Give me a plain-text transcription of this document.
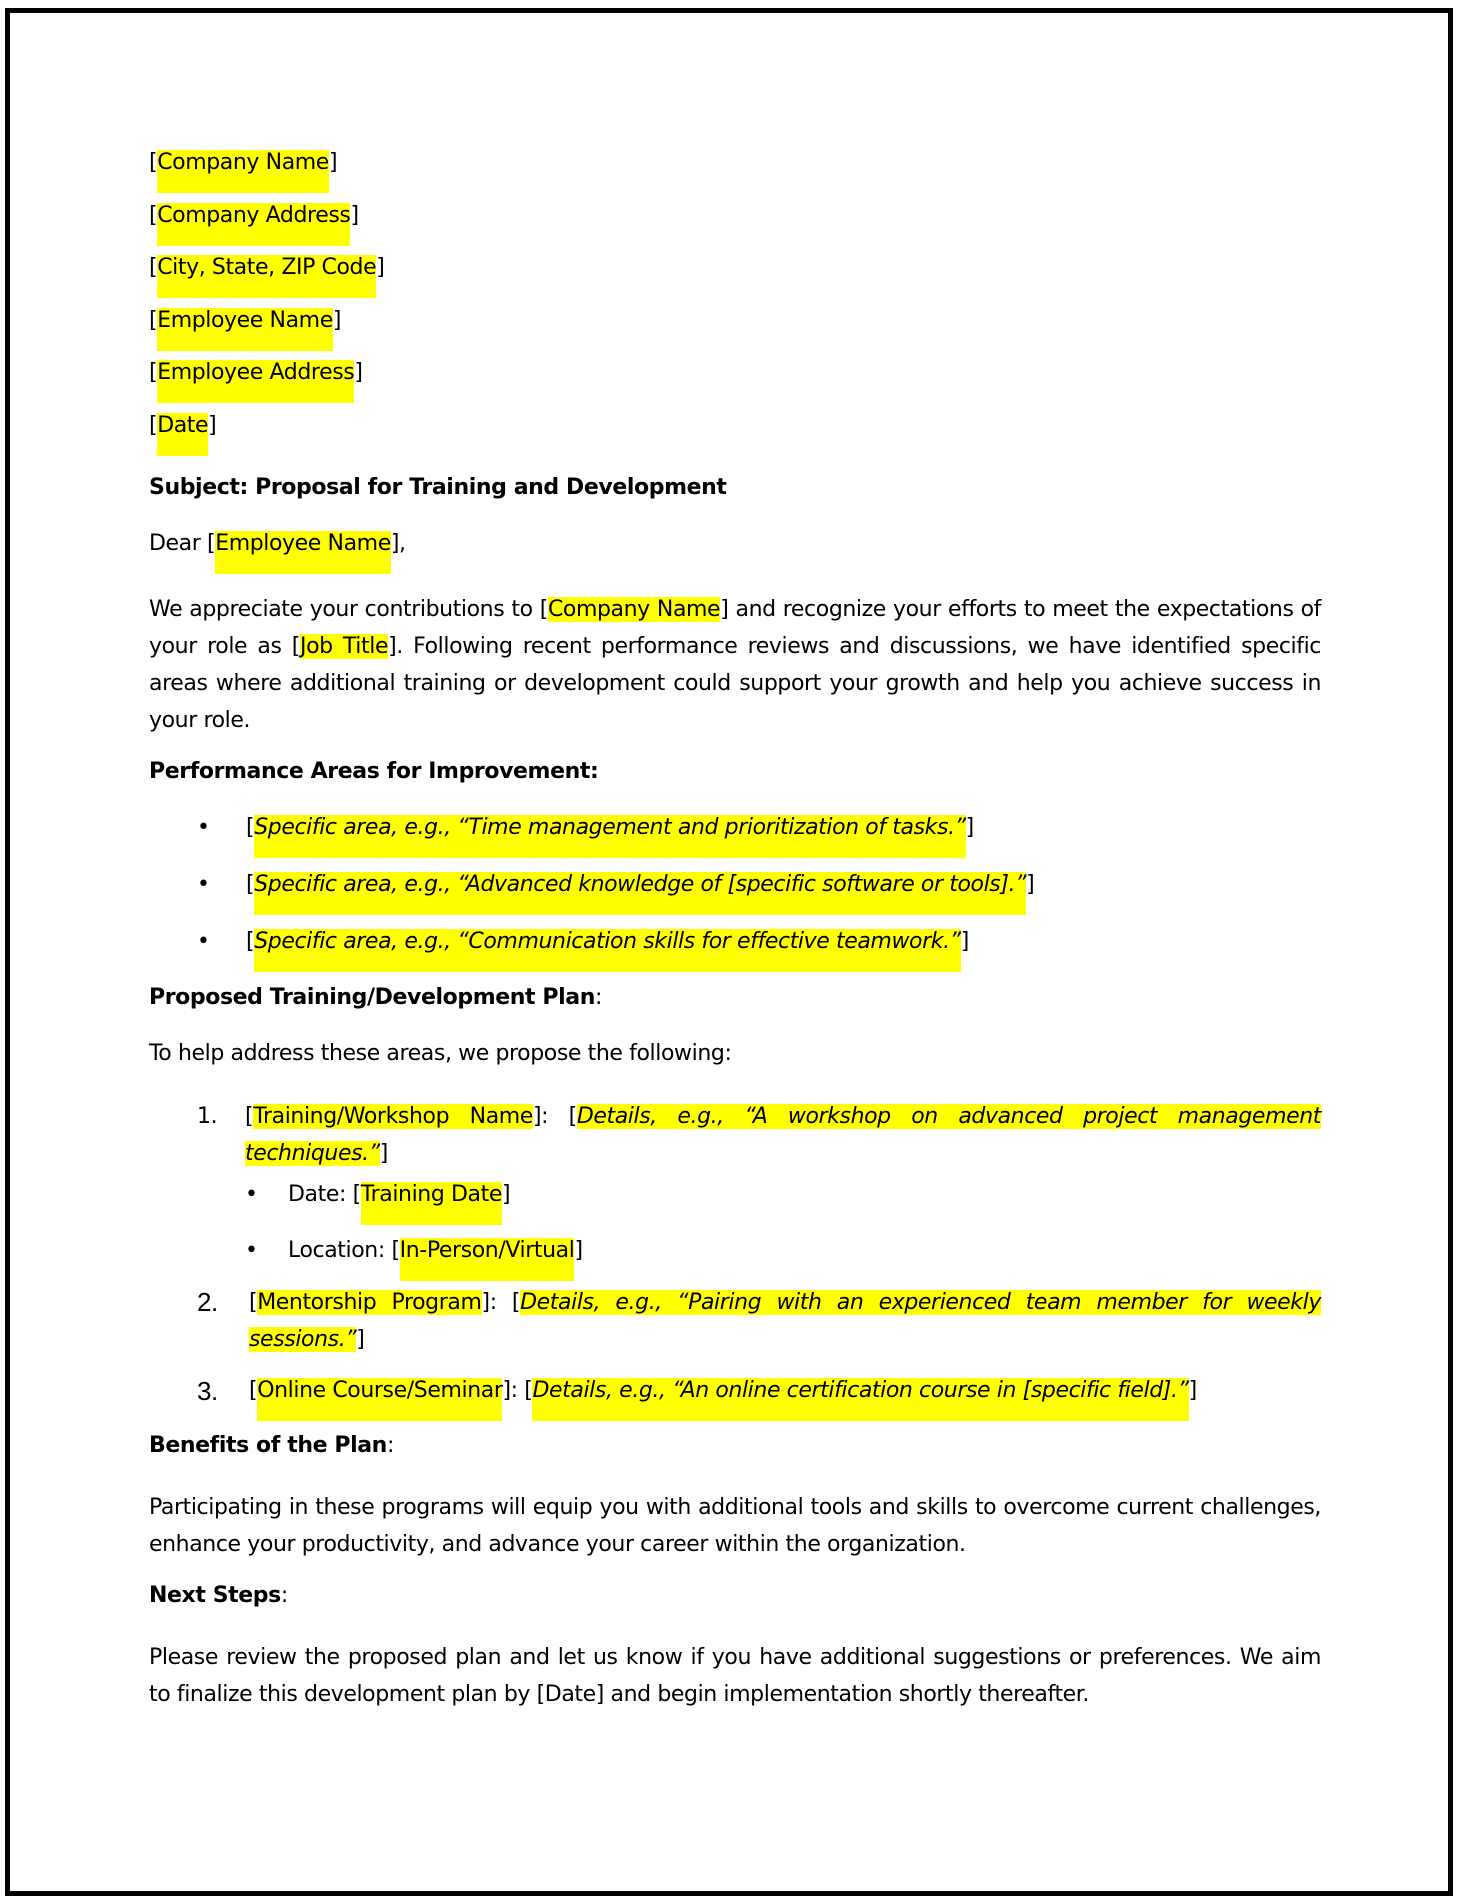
[Company Name]
[Company Address]
[City, State, ZIP Code]
[Employee Name]
[Employee Address]
[Date]
Subject: Proposal for Training and Development
Dear [Employee Name],

We appreciate your contributions to [Company Name] and recognize your efforts to meet the expectations of your role as [Job Title]. Following recent performance reviews and discussions, we have identified specific areas where additional training or development could support your growth and help you achieve success in your role.

Performance Areas for Improvement:
• [Specific area, e.g., “Time management and prioritization of tasks.”]
• [Specific area, e.g., “Advanced knowledge of [specific software or tools].”]
• [Specific area, e.g., “Communication skills for effective teamwork.”]
Proposed Training/Development Plan:
To help address these areas, we propose the following:
1. [Training/Workshop Name]: [Details, e.g., “A workshop on advanced project management techniques.”]
• Date: [Training Date]
• Location: [In-Person/Virtual]
2. [Mentorship Program]: [Details, e.g., “Pairing with an experienced team member for weekly sessions.”]
3. [Online Course/Seminar]: [Details, e.g., “An online certification course in [specific field].”]
Benefits of the Plan:

Participating in these programs will equip you with additional tools and skills to overcome current challenges, enhance your productivity, and advance your career within the organization.

Next Steps:

Please review the proposed plan and let us know if you have additional suggestions or preferences. We aim to finalize this development plan by [Date] and begin implementation shortly thereafter.
